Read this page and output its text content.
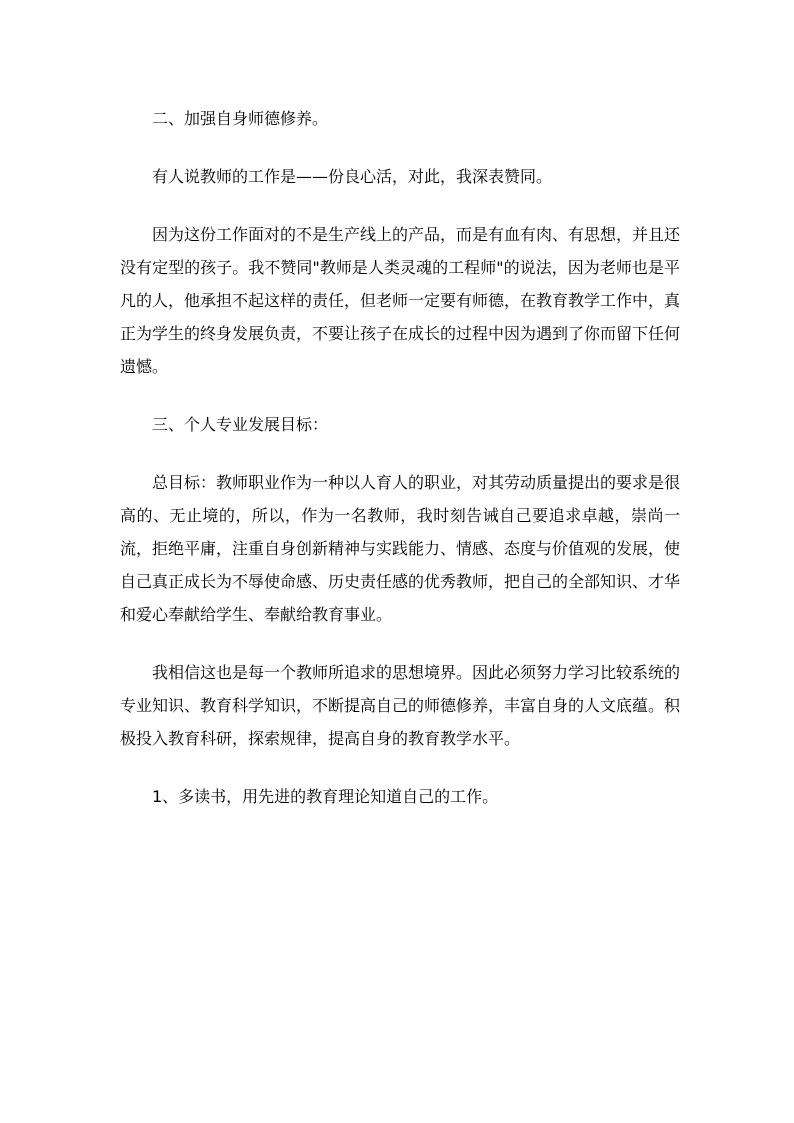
二、加强自身师德修养。

有人说教师的工作是——份良心活，对此，我深表赞同。

因为这份工作面对的不是生产线上的产品，而是有血有肉、有思想，并且还没有定型的孩子。我不赞同"教师是人类灵魂的工程师"的说法，因为老师也是平凡的人，他承担不起这样的责任，但老师一定要有师德，在教育教学工作中，真正为学生的终身发展负责，不要让孩子在成长的过程中因为遇到了你而留下任何遗憾。

三、个人专业发展目标：

总目标：教师职业作为一种以人育人的职业，对其劳动质量提出的要求是很高的、无止境的，所以，作为一名教师，我时刻告诫自己要追求卓越，崇尚一流，拒绝平庸，注重自身创新精神与实践能力、情感、态度与价值观的发展，使自己真正成长为不辱使命感、历史责任感的优秀教师，把自己的全部知识、才华和爱心奉献给学生、奉献给教育事业。

我相信这也是每一个教师所追求的思想境界。因此必须努力学习比较系统的专业知识、教育科学知识，不断提高自己的师德修养，丰富自身的人文底蕴。积极投入教育科研，探索规律，提高自身的教育教学水平。

1、多读书，用先进的教育理论知道自己的工作。
